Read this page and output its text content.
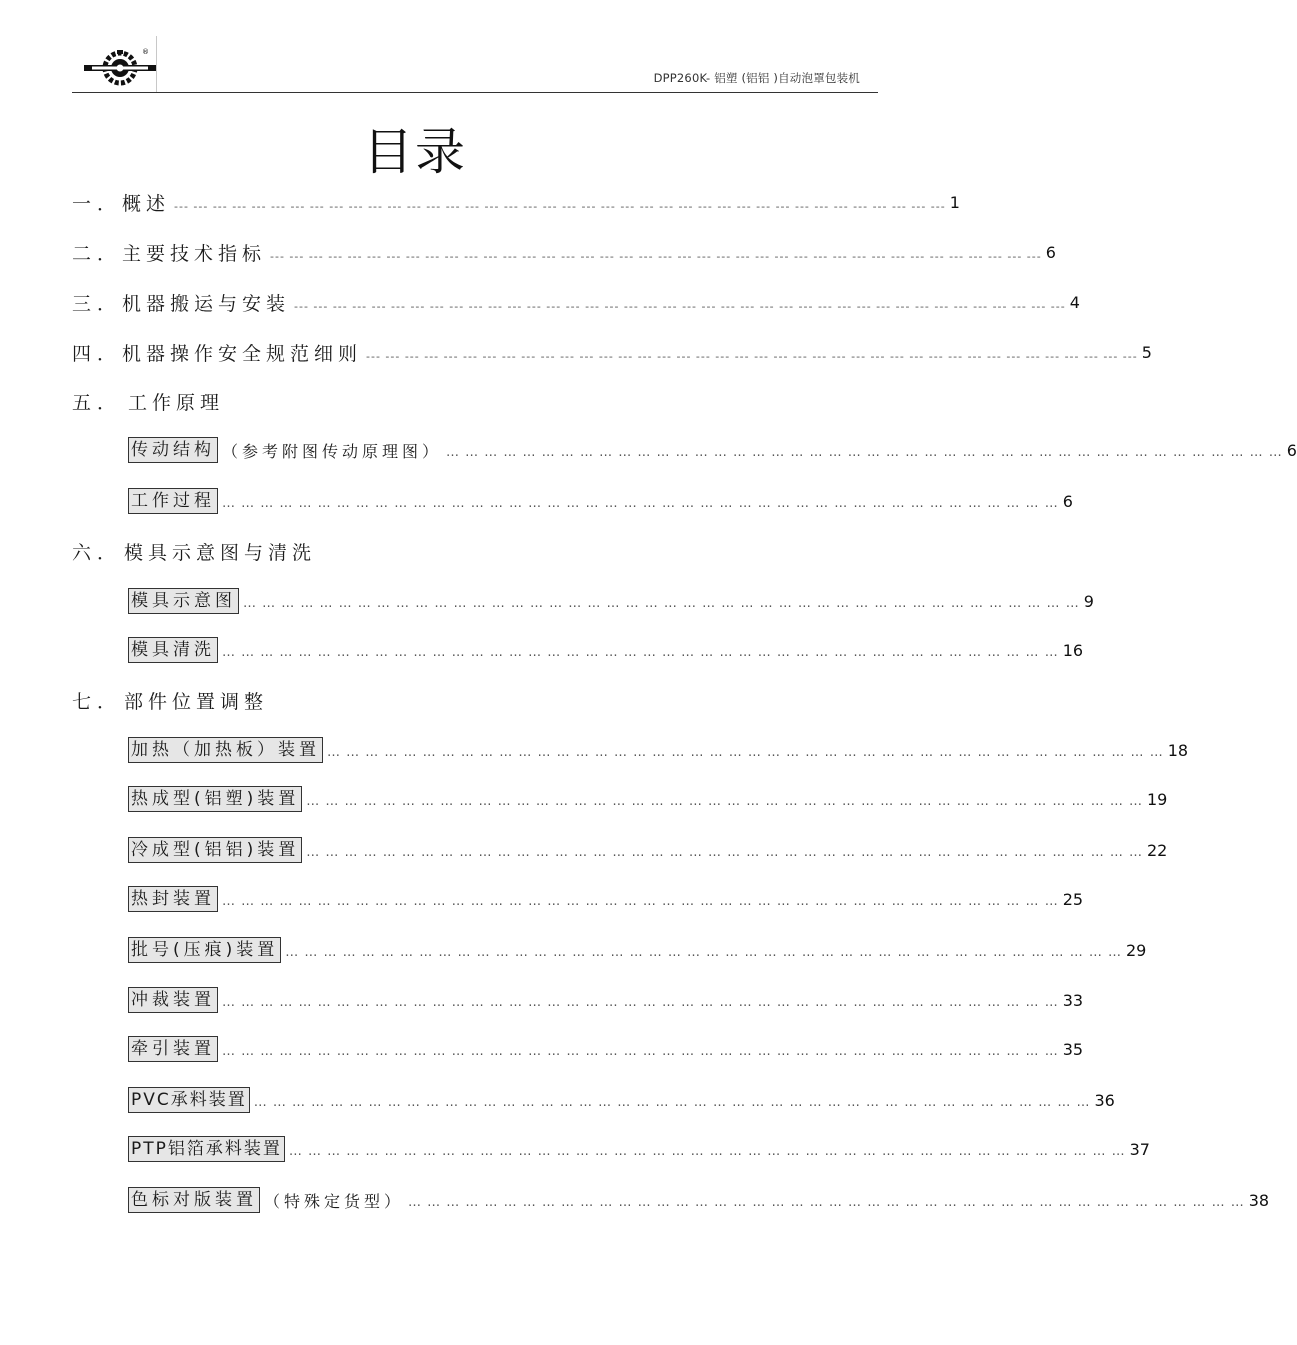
®
DPP260K- 铝塑 (铝铝 )自动泡罩包装机
目录
一． 概述 --- --- --- --- --- --- --- --- --- --- --- --- --- --- --- --- --- --- --- --- --- --- --- --- --- --- --- --- --- --- --- --- --- --- --- --- --- --- --- --- 1
二． 主要技术指标 --- --- --- --- --- --- --- --- --- --- --- --- --- --- --- --- --- --- --- --- --- --- --- --- --- --- --- --- --- --- --- --- --- --- --- --- --- --- --- --- 6
三． 机器搬运与安装 --- --- --- --- --- --- --- --- --- --- --- --- --- --- --- --- --- --- --- --- --- --- --- --- --- --- --- --- --- --- --- --- --- --- --- --- --- --- --- --- 4
四． 机器操作安全规范细则 --- --- --- --- --- --- --- --- --- --- --- --- --- --- --- --- --- --- --- --- --- --- --- --- --- --- --- --- --- --- --- --- --- --- --- --- --- --- --- --- 5
五． 工作原理
传动结构 （参考附图传动原理图） … … … … … … … … … … … … … … … … … … … … … … … … … … … … … … … … … … … … … … … … … … … … 6
工作过程 … … … … … … … … … … … … … … … … … … … … … … … … … … … … … … … … … … … … … … … … … … … … 6
六． 模具示意图与清洗
模具示意图 … … … … … … … … … … … … … … … … … … … … … … … … … … … … … … … … … … … … … … … … … … … … 9
模具清洗 … … … … … … … … … … … … … … … … … … … … … … … … … … … … … … … … … … … … … … … … … … … … 16
七． 部件位置调整
加热（加热板）装置 … … … … … … … … … … … … … … … … … … … … … … … … … … … … … … … … … … … … … … … … … … … … 18
热成型(铝塑)装置 … … … … … … … … … … … … … … … … … … … … … … … … … … … … … … … … … … … … … … … … … … … … 19
冷成型(铝铝)装置 … … … … … … … … … … … … … … … … … … … … … … … … … … … … … … … … … … … … … … … … … … … … 22
热封装置 … … … … … … … … … … … … … … … … … … … … … … … … … … … … … … … … … … … … … … … … … … … … 25
批号(压痕)装置 … … … … … … … … … … … … … … … … … … … … … … … … … … … … … … … … … … … … … … … … … … … … 29
冲裁装置 … … … … … … … … … … … … … … … … … … … … … … … … … … … … … … … … … … … … … … … … … … … … 33
牵引装置 … … … … … … … … … … … … … … … … … … … … … … … … … … … … … … … … … … … … … … … … … … … … 35
PVC承料装置 … … … … … … … … … … … … … … … … … … … … … … … … … … … … … … … … … … … … … … … … … … … … 36
PTP铝箔承料装置 … … … … … … … … … … … … … … … … … … … … … … … … … … … … … … … … … … … … … … … … … … … … 37
色标对版装置 （特殊定货型） … … … … … … … … … … … … … … … … … … … … … … … … … … … … … … … … … … … … … … … … … … … … 38
